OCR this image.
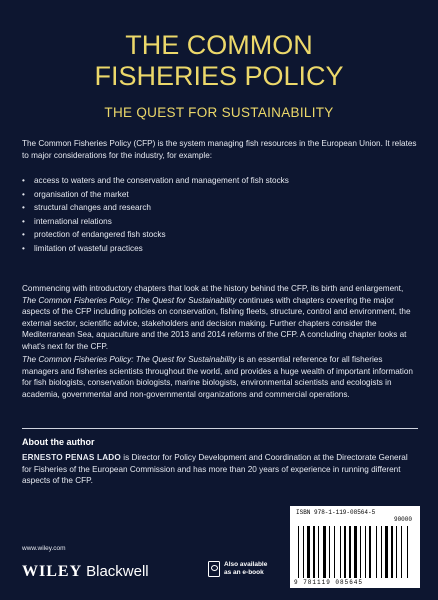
THE COMMON
FISHERIES POLICY
THE QUEST FOR SUSTAINABILITY
The Common Fisheries Policy (CFP) is the system managing fish resources in the European Union. It relates to major considerations for the industry, for example:
• access to waters and the conservation and management of fish stocks
• organisation of the market
• structural changes and research
• international relations
• protection of endangered fish stocks
• limitation of wasteful practices
Commencing with introductory chapters that look at the history behind the CFP, its birth and enlargement, The Common Fisheries Policy: The Quest for Sustainability continues with chapters covering the major aspects of the CFP including policies on conservation, fishing fleets, structure, control and environment, the external sector, scientific advice, stakeholders and decision making. Further chapters consider the Mediterranean Sea, aquaculture and the 2013 and 2014 reforms of the CFP. A concluding chapter looks at what's next for the CFP.
The Common Fisheries Policy: The Quest for Sustainability is an essential reference for all fisheries managers and fisheries scientists throughout the world, and provides a huge wealth of important information for fish biologists, conservation biologists, marine biologists, environmental scientists and ecologists in academia, governmental and non-governmental organizations and commercial operations.
About the author
ERNESTO PENAS LADO is Director for Policy Development and Coordination at the Directorate General for Fisheries of the European Commission and has more than 20 years of experience in running different aspects of the CFP.
ISBN 978-1-119-08564-5
90000
9 781119 085645
www.wiley.com
WILEY Blackwell	Also available
as an e-book
